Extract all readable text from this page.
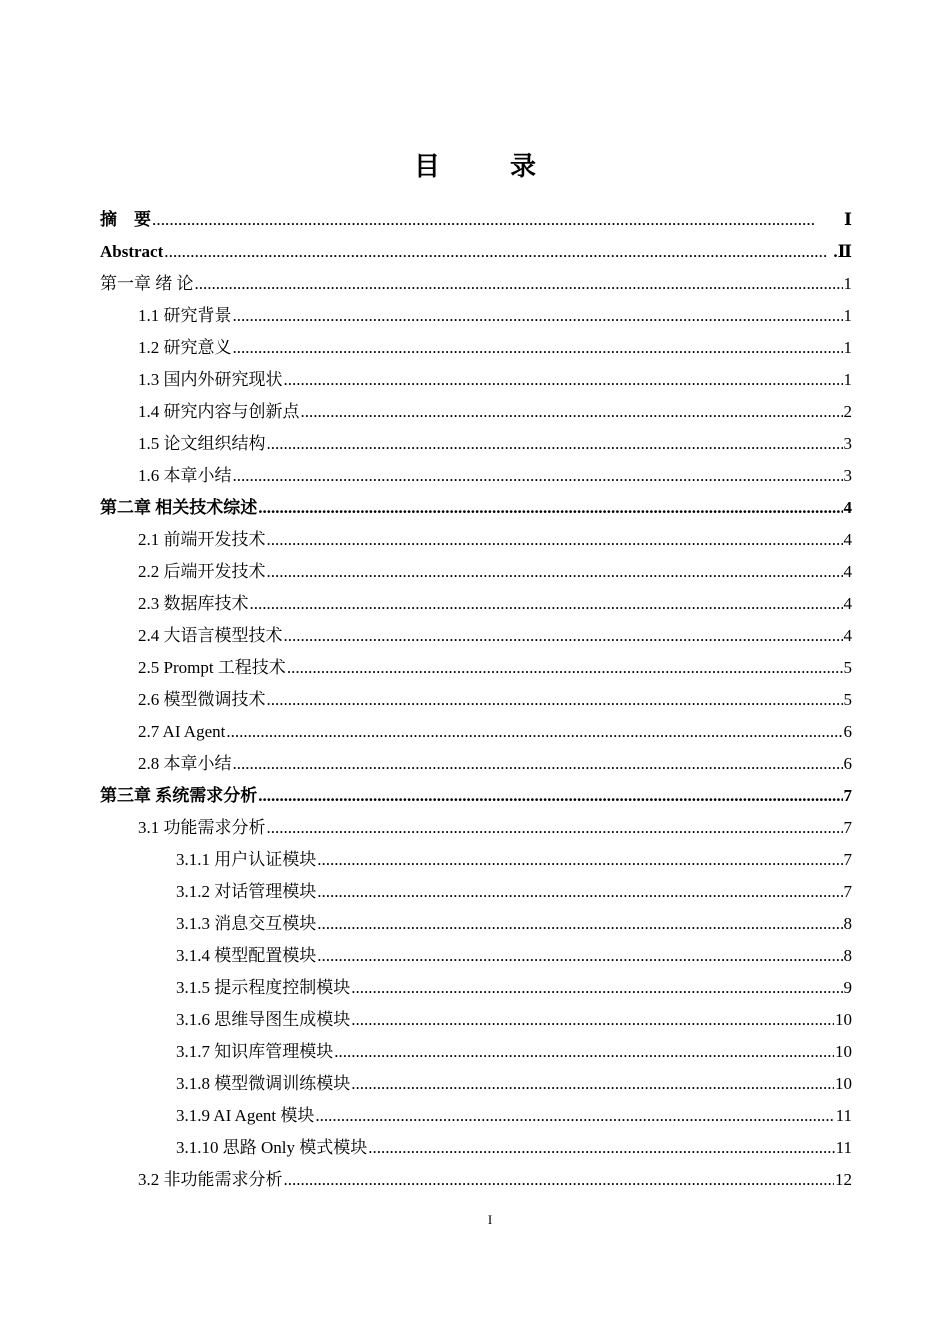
目　录
摘　要 ………………………………………………………………………………………………………………………………………	Ⅰ
Abstract ………………………………………………………………………………………………………………………………………	.Ⅱ
第一章 绪 论 .....	1
1.1 研究背景 .....	1
1.2 研究意义 .....	1
1.3 国内外研究现状 .....	1
1.4 研究内容与创新点 .....	2
1.5 论文组织结构 .....	3
1.6 本章小结 .....	3
第二章 相关技术综述 .....	4
2.1 前端开发技术 .....	4
2.2 后端开发技术 .....	4
2.3 数据库技术 .....	4
2.4 大语言模型技术 .....	4
2.5 Prompt 工程技术 .....	5
2.6 模型微调技术 .....	5
2.7 AI Agent .....	6
2.8 本章小结 .....	6
第三章 系统需求分析 .....	7
3.1 功能需求分析 .....	7
3.1.1 用户认证模块 .....	7
3.1.2 对话管理模块 .....	7
3.1.3 消息交互模块 .....	8
3.1.4 模型配置模块 .....	8
3.1.5 提示程度控制模块 .....	9
3.1.6 思维导图生成模块 .....	10
3.1.7 知识库管理模块 .....	10
3.1.8 模型微调训练模块 .....	10
3.1.9 AI Agent 模块 .....	11
3.1.10 思路 Only 模式模块 .....	11
3.2 非功能需求分析 .....	12
I
